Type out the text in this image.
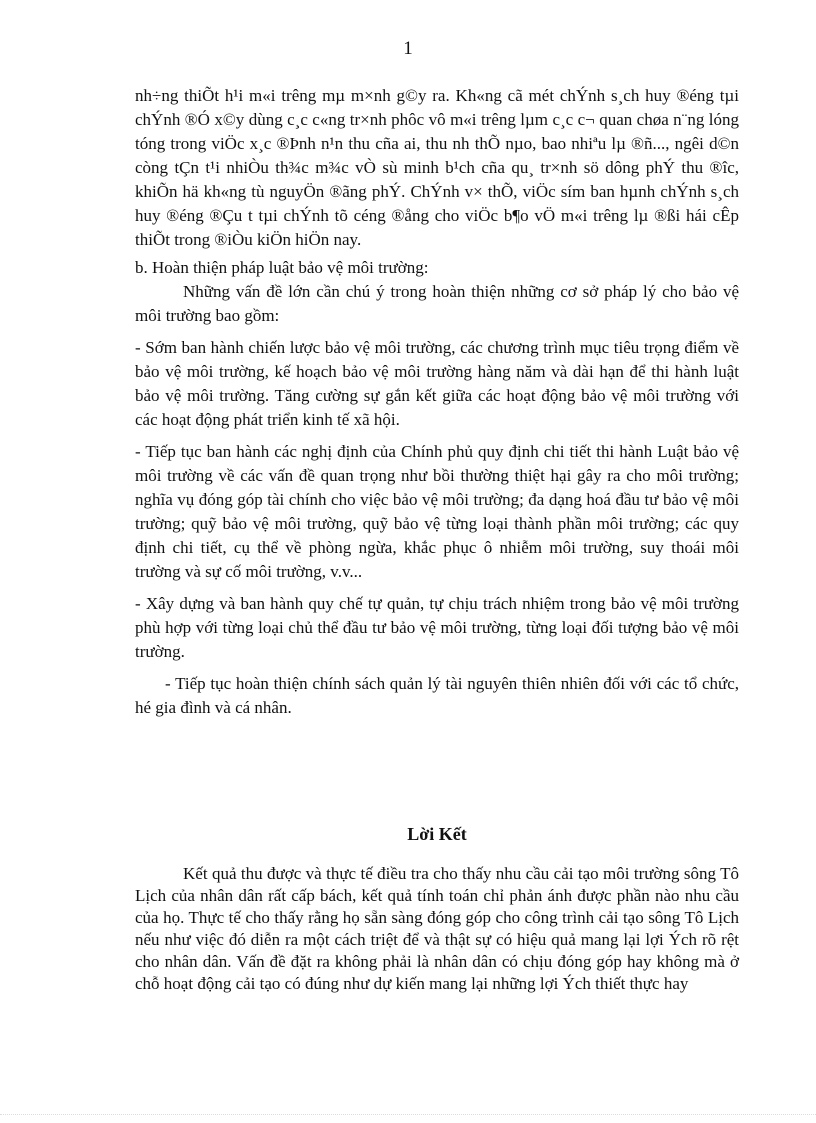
1

nh÷ng thiÕt h¹i m«i trêng mµ m×nh g©y ra. Kh«ng cã mét chÝnh s¸ch huy ®éng tµi chÝnh ®Ó x©y dùng c¸c c«ng tr×nh phôc vô m«i trêng lµm c¸c c¬ quan chøa n¨ng lóng tóng trong viÖc x¸c ®Þnh n¹n thu cña ai, thu nh thÕ nµo, bao nhiªu lµ ®ñ..., ngêi d©n còng tÇn t¹i nhiÒu th¾c m¾c vÒ sù minh b¹ch cña qu¸ tr×nh sö dông phÝ thu ®îc, khiÕn hä kh«ng tù nguyÖn ®ãng phÝ. ChÝnh v× thÕ, viÖc sím ban hµnh chÝnh s¸ch huy ®éng ®Çu t tµi chÝnh tõ céng ®ång cho viÖc b¶o vÖ m«i trêng lµ ®ßi hái cÊp thiÕt trong ®iÒu kiÖn hiÖn nay.

b. Hoàn thiện pháp luật bảo vệ môi trường:

Những vấn đề lớn cần chú ý trong hoàn thiện những cơ sở pháp lý cho bảo vệ môi trường bao gồm:

- Sớm ban hành chiến lược bảo vệ môi trường, các chương trình mục tiêu trọng điểm về bảo vệ môi trường, kế hoạch bảo vệ môi trường hàng năm và dài hạn để thi hành luật bảo vệ môi trường. Tăng cường sự gắn kết giữa các hoạt động bảo vệ môi trường với các hoạt động phát triển kinh tế xã hội.

- Tiếp tục ban hành các nghị định của Chính phủ quy định chi tiết thi hành Luật bảo vệ môi trường về các vấn đề quan trọng như bồi thường thiệt hại gây ra cho môi trường; nghĩa vụ đóng góp tài chính cho việc bảo vệ môi trường; đa dạng hoá đầu tư bảo vệ môi trường; quỹ bảo vệ môi trường, quỹ bảo vệ từng loại thành phần môi trường; các quy định chi tiết, cụ thể về phòng ngừa, khắc phục ô nhiễm môi trường, suy thoái môi trường và sự cố môi trường, v.v...

- Xây dựng và ban hành quy chế tự quản, tự chịu trách nhiệm trong bảo vệ môi trường phù hợp với từng loại chủ thể đầu tư bảo vệ môi trường, từng loại đối tượng bảo vệ môi trường.

- Tiếp tục hoàn thiện chính sách quản lý tài nguyên thiên nhiên đối với các tổ chức, hé gia đình và cá nhân.

Lời Kết

Kết quả thu được và thực tế điều tra cho thấy nhu cầu cải tạo môi trường sông Tô Lịch của nhân dân rất cấp bách, kết quả tính toán chỉ phản ánh được phần nào nhu cầu của họ. Thực tế cho thấy rằng họ sẵn sàng đóng góp cho công trình cải tạo sông Tô Lịch nếu như việc đó diễn ra một cách triệt để và thật sự có hiệu quả mang lại lợi Ých rõ rệt cho nhân dân. Vấn đề đặt ra không phải là nhân dân có chịu đóng góp hay không mà ở chỗ hoạt động cải tạo có đúng như dự kiến mang lại những lợi Ých thiết thực hay
